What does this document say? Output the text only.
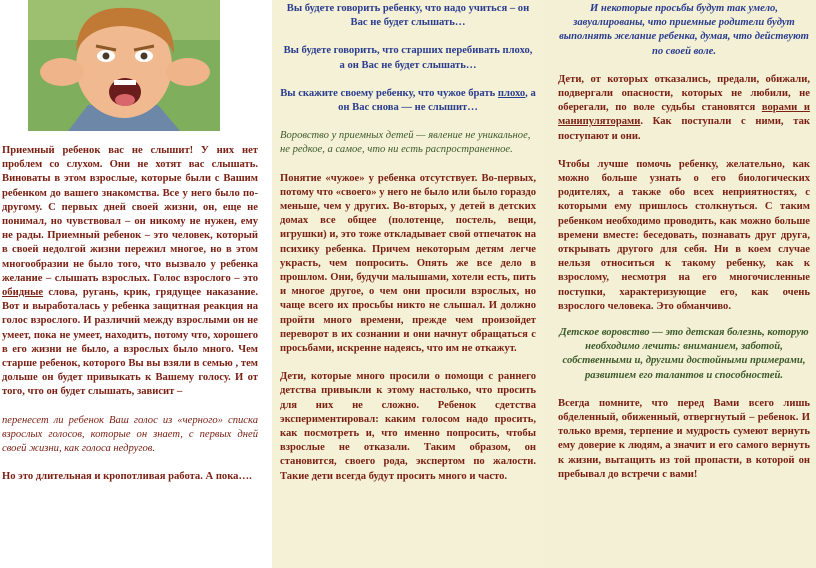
Приемный ребенок вас не слышит! У них нет проблем со слухом. Они не хотят вас слышать. Виноваты в этом взрослые, которые были с Вашим ребенком до вашего знакомства. Все у него было по-другому. С первых дней своей жизни, он, еще не понимал, но чувствовал – он никому не нужен, ему не рады. Приемный ребенок – это человек, который в своей недолгой жизни пережил многое, но в этом многообразии не было того, что вызвало у ребенка желание – слышать взрослых. Голос взрослого – это обидные слова, ругань, крик, грядущее наказание. Вот и выработалась у ребенка защитная реакция на голос взрослого. И различий между взрослыми он не умеет, пока не умеет, находить, потому что, хорошего в его жизни не было, а взрослых было много. Чем старше ребенок, которого Вы вы взяли в семью , тем дольше он будет привыкать к Вашему голосу. И от того, что он будет слышать, зависит –

перенесет ли ребенок Ваш голос из «черного» списка взрослых голосов, которые он знает, с первых дней своей жизни, как голоса недругов.

Но это длительная и кропотливая работа. А пока….

Вы будете говорить ребенку, что надо учиться – он Вас не будет слышать…

Вы будете говорить, что старших перебивать плохо, а он Вас не будет слышать…

Вы скажите своему ребенку, что чужое брать плохо, а он Вас снова — не слышит…

Воровство у приемных детей — явление не уникальное, не редкое, а самое, что ни есть распространенное.

Понятие «чужое» у ребенка отсутствует. Во-первых, потому что «своего» у него не было или было гораздо меньше, чем у других. Во-вторых, у детей в детских домах все общее (полотенце, постель, вещи, игрушки) и, это тоже откладывает свой отпечаток на психику ребенка. Причем некоторым детям легче украсть, чем попросить. Опять же все дело в прошлом. Они, будучи малышами, хотели есть, пить и многое другое, о чем они просили взрослых, но чаще всего их просьбы никто не слышал. И должно пройти много времени, прежде чем произойдет переворот в их сознании и они начнут обращаться с просьбами, искренне надеясь, что им не откажут.

Дети, которые много просили о помощи с раннего детства привыкли к этому настолько, что просить для них не сложно. Ребенок сдетства экспериментировал: каким голосом надо просить, как посмотреть и, что именно попросить, чтобы взрослые не отказали. Таким образом, он становится, своего рода, экспертом по жалости. Такие дети всегда будут просить много и часто.

И некоторые просьбы будут так умело, завуалированы, что приемные родители будут выполнять желание ребенка, думая, что действуют по своей воле.

Дети, от которых отказались, предали, обижали, подвергали опасности, которых не любили, не оберегали, по воле судьбы становятся ворами и манипуляторами. Как поступали с ними, так поступают и они.

Чтобы лучше помочь ребенку, желательно, как можно больше узнать о его биологических родителях, а также обо всех неприятностях, с которыми ему пришлось столкнуться. С таким ребенком необходимо проводить, как можно больше времени вместе: беседовать, познавать друг друга, открывать другого для себя. Ни в коем случае нельзя относиться к такому ребенку, как к взрослому, несмотря на его многочисленные поступки, характеризующие его, как очень взрослого человека. Это обманчиво.

Детское воровство — это детская болезнь, которую необходимо лечить: вниманием, заботой, собственными и, другими достойными примерами, развитием его талантов и способностей.

Всегда помните, что перед Вами всего лишь обделенный, обиженный, отвергнутый – ребенок. И только время, терпение и мудрость сумеют вернуть ему доверие к людям, а значит и его самого вернуть к жизни, вытащить из той пропасти, в которой он пребывал до встречи с вами!
